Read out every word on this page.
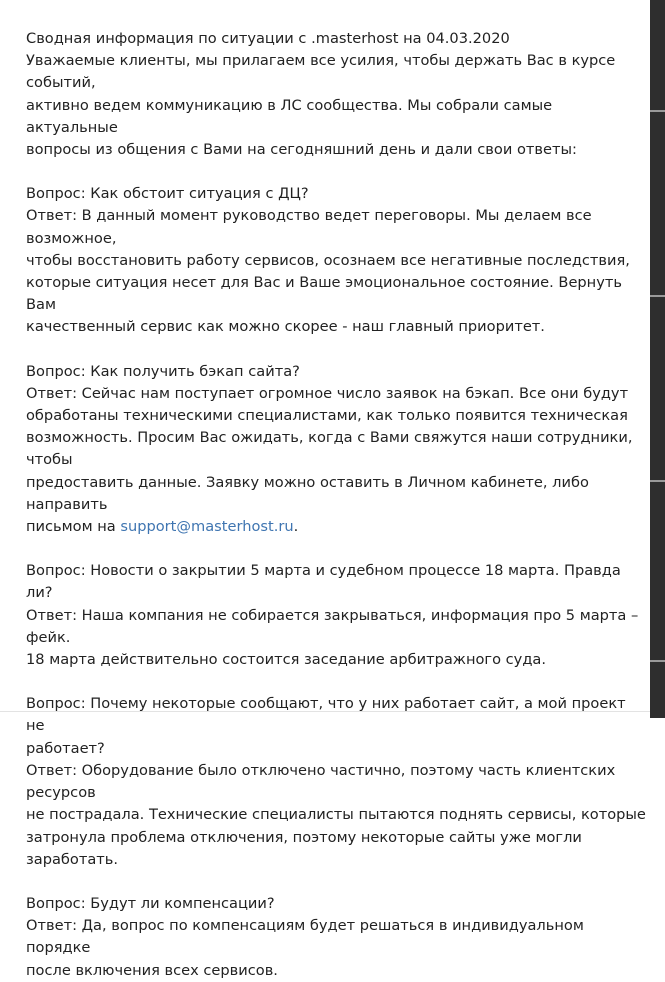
Сводная информация по ситуации с .masterhost на 04.03.2020

Уважаемые клиенты, мы прилагаем все усилия, чтобы держать Вас в курсе событий,
активно ведем коммуникацию в ЛС сообщества. Мы собрали самые актуальные
вопросы из общения с Вами на сегодняшний день и дали свои ответы:

Вопрос: Как обстоит ситуация с ДЦ?

Ответ: В данный момент руководство ведет переговоры. Мы делаем все возможное,
чтобы восстановить работу сервисов, осознаем все негативные последствия,
которые ситуация несет для Вас и Ваше эмоциональное состояние. Вернуть Вам
качественный сервис как можно скорее - наш главный приоритет.

Вопрос: Как получить бэкап сайта?

Ответ: Сейчас нам поступает огромное число заявок на бэкап. Все они будут
обработаны техническими специалистами, как только появится техническая
возможность. Просим Вас ожидать, когда с Вами свяжутся наши сотрудники, чтобы
предоставить данные. Заявку можно оставить в Личном кабинете, либо направить
письмом на support@masterhost.ru.

Вопрос: Новости о закрытии 5 марта и судебном процессе 18 марта. Правда ли?

Ответ: Наша компания не собирается закрываться, информация про 5 марта – фейк.
18 марта действительно состоится заседание арбитражного суда.

Вопрос: Почему некоторые сообщают, что у них работает сайт, а мой проект не
работает?

Ответ: Оборудование было отключено частично, поэтому часть клиентских ресурсов
не пострадала. Технические специалисты пытаются поднять сервисы, которые
затронула проблема отключения, поэтому некоторые сайты уже могли заработать.

Вопрос: Будут ли компенсации?

Ответ: Да, вопрос по компенсациям будет решаться в индивидуальном порядке
после включения всех сервисов.
